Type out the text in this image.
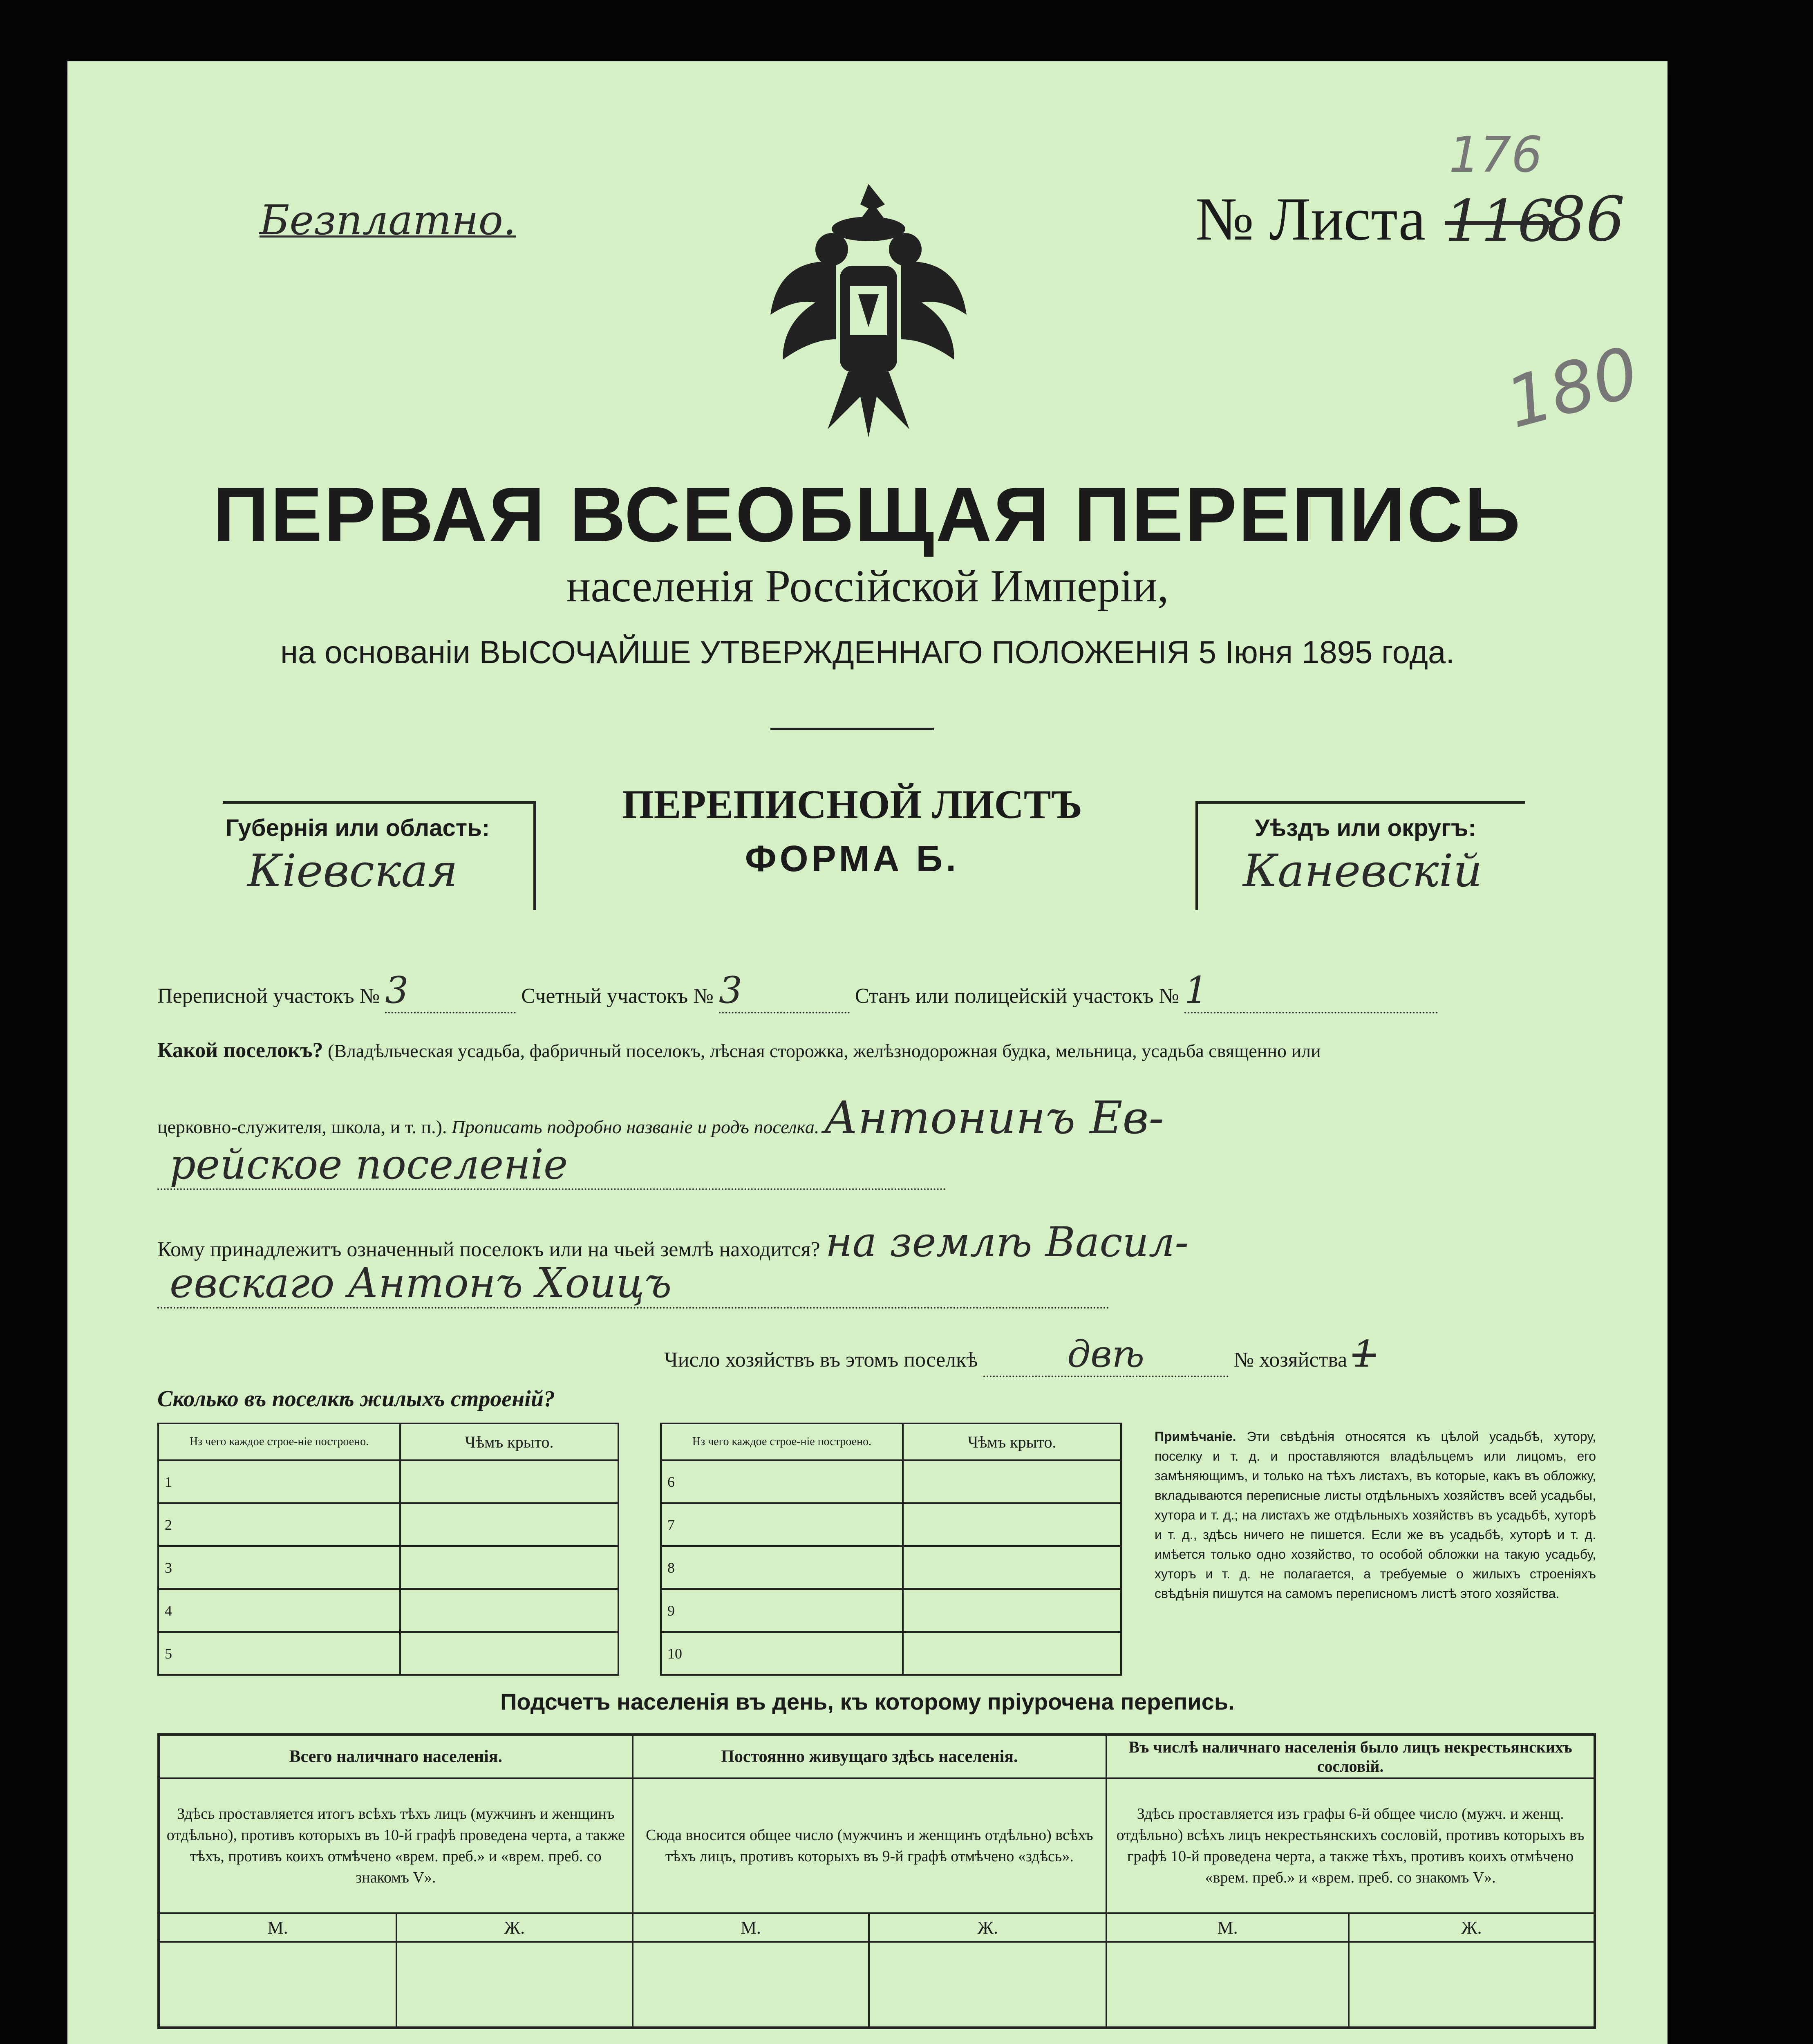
Безплатно.	№ Листа 116
86
176
180
ПЕРВАЯ ВСЕОБЩАЯ ПЕРЕПИСЬ
населенія Россійской Имперіи,
на основаніи ВЫСОЧАЙШЕ УТВЕРЖДЕННАГО ПОЛОЖЕНІЯ 5 Іюня 1895 года.
Губернія или область:
Кіевская
ПЕРЕПИСНОЙ ЛИСТЪ
ФОРМА Б.
Уѣздъ или округъ:
Каневскій
Переписной участокъ № 3	Счетный участокъ № 3	Станъ или полицейскій участокъ № 1
Какой поселокъ? (Владѣльческая усадьба, фабричный поселокъ, лѣсная сторожка, желѣзнодорожная будка, мельница, усадьба священно или
церковно-служителя, школа, и т. п.). Прописать подробно названіе и родъ поселка. Антонинъ Ев-
рейское поселеніе
Кому принадлежитъ означенный поселокъ или на чьей землѣ находится? на землѣ Васил-
евскаго Антонъ Хоицъ
Число хозяйствъ въ этомъ поселкѣ двѣ	№ хозяйства 1
Сколько въ поселкѣ жилыхъ строеній?
Нз чего каждое строе-ніе построено.	Чѣмъ крыто.
1	
2	
3	
4	
5	
Нз чего каждое строе-ніе построено.	Чѣмъ крыто.
6	
7	
8	
9	
10	
Примѣчаніе. Эти свѣдѣнія относятся къ цѣлой усадьбѣ, хутору, поселку и т. д. и проставляются владѣльцемъ или лицомъ, его замѣняющимъ, и только на тѣхъ листахъ, въ которые, какъ въ обложку, вкладываются переписные листы отдѣльныхъ хозяйствъ всей усадьбы, хутора и т. д.; на листахъ же отдѣльныхъ хозяйствъ въ усадьбѣ, хуторѣ и т. д., здѣсь ничего не пишется. Если же въ усадьбѣ, хуторѣ и т. д. имѣется только одно хозяйство, то особой обложки на такую усадьбу, хуторъ и т. д. не полагается, а требуемые о жилыхъ строеніяхъ свѣдѣнія пишутся на самомъ переписномъ листѣ этого хозяйства.
Подсчетъ населенія въ день, къ которому пріурочена перепись.
Всего наличнаго населенія.		Постоянно живущаго здѣсь населенія.		Въ числѣ наличнаго населенія было лицъ некрестьянскихъ сословій.	
Здѣсь проставляется итогъ всѣхъ тѣхъ лицъ (мужчинъ и женщинъ отдѣльно), противъ которыхъ въ 10-й графѣ проведена черта, а также тѣхъ, противъ коихъ отмѣчено «врем. преб.» и «врем. преб. со знакомъ V».		Сюда вносится общее число (мужчинъ и женщинъ отдѣльно) всѣхъ тѣхъ лицъ, противъ которыхъ въ 9-й графѣ отмѣчено «здѣсь».		Здѣсь проставляется изъ графы 6-й общее число (мужч. и женщ. отдѣльно) всѣхъ лицъ некрестьянскихъ сословій, противъ которыхъ въ графѣ 10-й проведена черта, а также тѣхъ, противъ коихъ отмѣчено «врем. преб.» и «врем. преб. со знакомъ V».	
М.	Ж.	М.	Ж.	М.	Ж.
